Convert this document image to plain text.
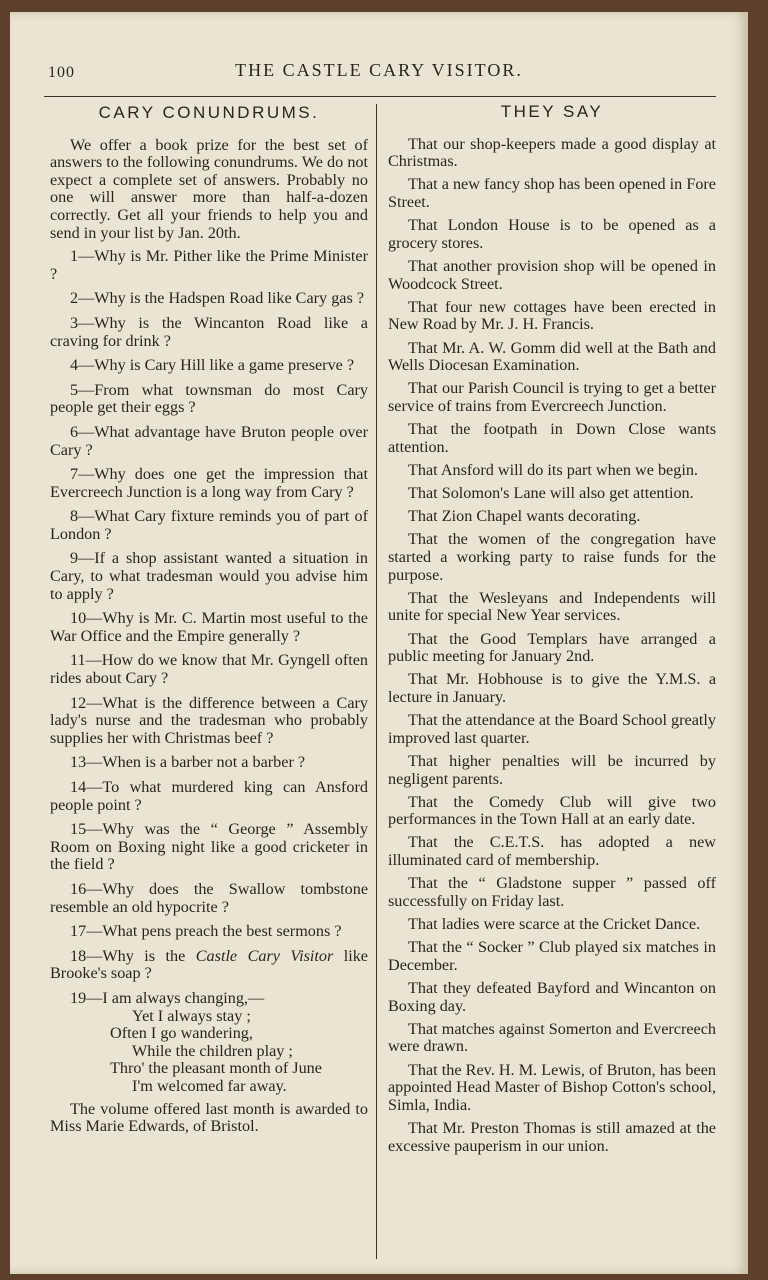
100	THE CASTLE CARY VISITOR.
CARY CONUNDRUMS.

We offer a book prize for the best set of answers to the following conundrums. We do not expect a complete set of answers. Probably no one will answer more than half-a-dozen correctly. Get all your friends to help you and send in your list by Jan. 20th.

1—Why is Mr. Pither like the Prime Minister ?

2—Why is the Hadspen Road like Cary gas ?

3—Why is the Wincanton Road like a craving for drink ?

4—Why is Cary Hill like a game preserve ?

5—From what townsman do most Cary people get their eggs ?

6—What advantage have Bruton people over Cary ?

7—Why does one get the impression that Evercreech Junction is a long way from Cary ?

8—What Cary fixture reminds you of part of London ?

9—If a shop assistant wanted a situation in Cary, to what tradesman would you advise him to apply ?

10—Why is Mr. C. Martin most useful to the War Office and the Empire generally ?

11—How do we know that Mr. Gyngell often rides about Cary ?

12—What is the difference between a Cary lady's nurse and the tradesman who probably supplies her with Christmas beef ?

13—When is a barber not a barber ?

14—To what murdered king can Ansford people point ?

15—Why was the “ George ” Assembly Room on Boxing night like a good cricketer in the field ?

16—Why does the Swallow tombstone resemble an old hypocrite ?

17—What pens preach the best sermons ?

18—Why is the Castle Cary Visitor like Brooke's soap ?

19—I am always changing,—
Yet I always stay ;
Often I go wandering,
While the children play ;
Thro' the pleasant month of June
I'm welcomed far away.

The volume offered last month is awarded to Miss Marie Edwards, of Bristol.

THEY SAY

That our shop-keepers made a good display at Christmas.

That a new fancy shop has been opened in Fore Street.

That London House is to be opened as a grocery stores.

That another provision shop will be opened in Woodcock Street.

That four new cottages have been erected in New Road by Mr. J. H. Francis.

That Mr. A. W. Gomm did well at the Bath and Wells Diocesan Examination.

That our Parish Council is trying to get a better service of trains from Evercreech Junction.

That the footpath in Down Close wants attention.

That Ansford will do its part when we begin.

That Solomon's Lane will also get attention.

That Zion Chapel wants decorating.

That the women of the congregation have started a working party to raise funds for the purpose.

That the Wesleyans and Independents will unite for special New Year services.

That the Good Templars have arranged a public meeting for January 2nd.

That Mr. Hobhouse is to give the Y.M.S. a lecture in January.

That the attendance at the Board School greatly improved last quarter.

That higher penalties will be incurred by negligent parents.

That the Comedy Club will give two performances in the Town Hall at an early date.

That the C.E.T.S. has adopted a new illuminated card of membership.

That the “ Gladstone supper ” passed off successfully on Friday last.

That ladies were scarce at the Cricket Dance.

That the “ Socker ” Club played six matches in December.

That they defeated Bayford and Wincanton on Boxing day.

That matches against Somerton and Evercreech were drawn.

That the Rev. H. M. Lewis, of Bruton, has been appointed Head Master of Bishop Cotton's school, Simla, India.

That Mr. Preston Thomas is still amazed at the excessive pauperism in our union.
